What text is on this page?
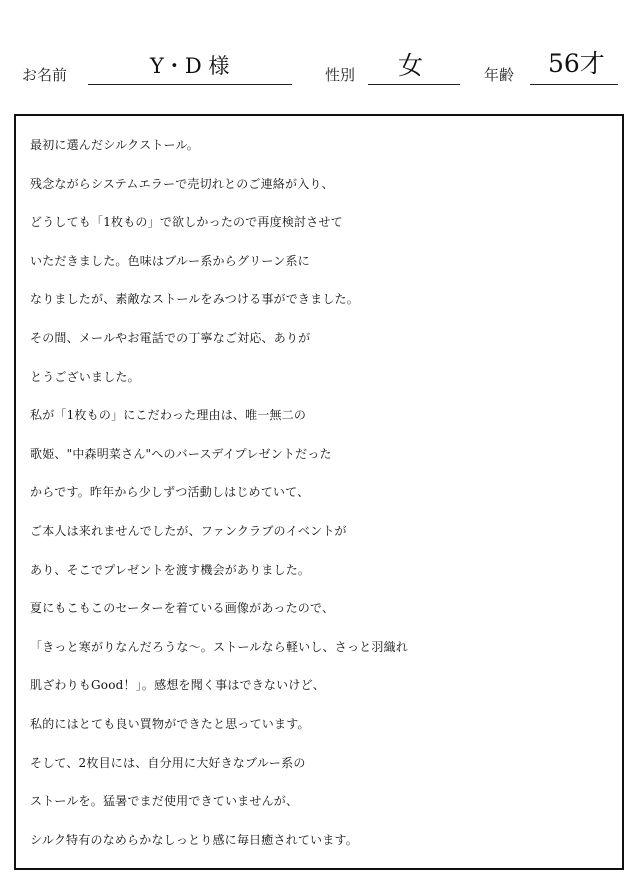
お名前	Y・D 様	性別 女	年齢 56才
最初に選んだシルクストール。
残念ながらシステムエラーで売切れとのご連絡が入り、
どうしても「1枚もの」で欲しかったので再度検討させて
いただきました。色味はブルー系からグリーン系に
なりましたが、素敵なストールをみつける事ができました。
その間、メールやお電話での丁寧なご対応、ありが
とうございました。
私が「1枚もの」にこだわった理由は、唯一無二の
歌姫、"中森明菜さん"へのバースデイプレゼントだった
からです。昨年から少しずつ活動しはじめていて、
ご本人は来れませんでしたが、ファンクラブのイベントが
あり、そこでプレゼントを渡す機会がありました。
夏にもこもこのセーターを着ている画像があったので、
「きっと寒がりなんだろうな～。ストールなら軽いし、さっと羽織れ
肌ざわりもGood！」。感想を聞く事はできないけど、
私的にはとても良い買物ができたと思っています。
そして、2枚目には、自分用に大好きなブルー系の
ストールを。猛暑でまだ使用できていませんが、
シルク特有のなめらかなしっとり感に毎日癒されています。
